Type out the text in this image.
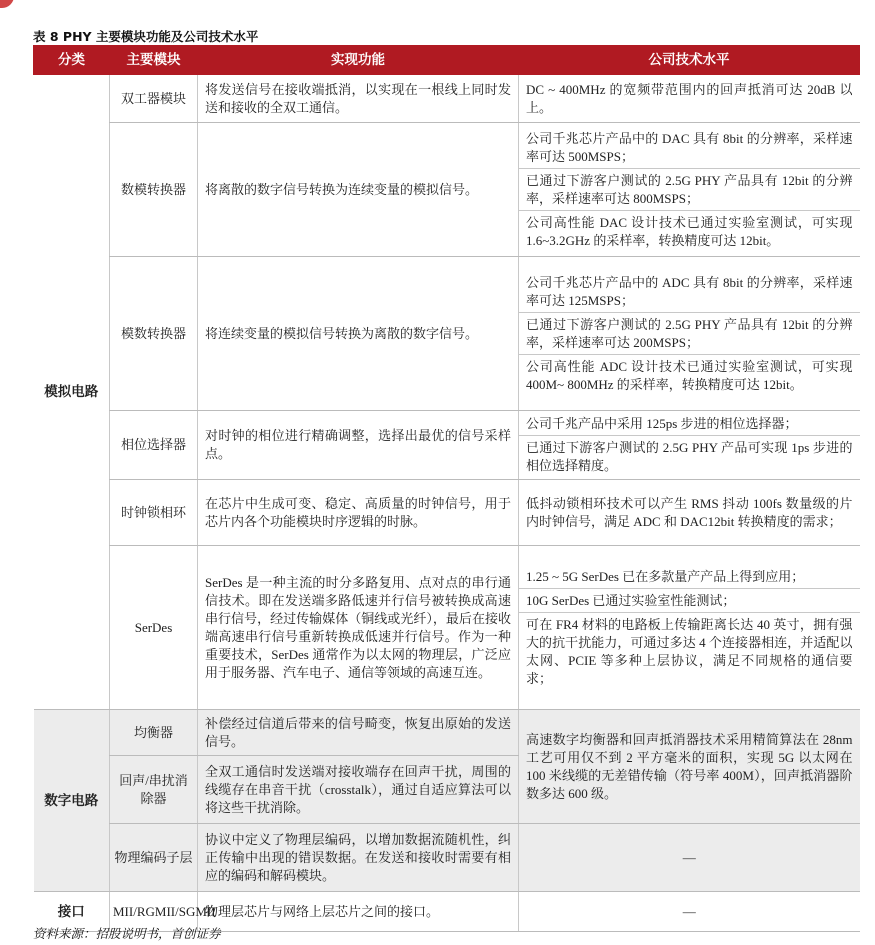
表 8 PHY 主要模块功能及公司技术水平
分类	主要模块	实现功能	公司技术水平
模拟电路	双工器模块	将发送信号在接收端抵消，以实现在一根线上同时发送和接收的全双工通信。	DC ~ 400MHz 的宽频带范围内的回声抵消可达 20dB 以上。

	数模转换器	将离散的数字信号转换为连续变量的模拟信号。	公司千兆芯片产品中的 DAC 具有 8bit 的分辨率，采样速率可达 500MSPS；
已通过下游客户测试的 2.5G PHY 产品具有 12bit 的分辨率，采样速率可达 800MSPS；
公司高性能 DAC 设计技术已通过实验室测试，可实现 1.6~3.2GHz 的采样率，转换精度可达 12bit。

	模数转换器	将连续变量的模拟信号转换为离散的数字信号。	公司千兆芯片产品中的 ADC 具有 8bit 的分辨率，采样速率可达 125MSPS；
已通过下游客户测试的 2.5G PHY 产品具有 12bit 的分辨率，采样速率可达 200MSPS；
公司高性能 ADC 设计技术已通过实验室测试，可实现 400M~ 800MHz 的采样率，转换精度可达 12bit。

	相位选择器	对时钟的相位进行精确调整，选择出最优的信号采样点。	公司千兆产品中采用 125ps 步进的相位选择器；
已通过下游客户测试的 2.5G PHY 产品可实现 1ps 步进的相位选择精度。

	时钟锁相环	在芯片中生成可变、稳定、高质量的时钟信号，用于芯片内各个功能模块时序逻辑的时脉。	低抖动锁相环技术可以产生 RMS 抖动 100fs 数量级的片内时钟信号，满足 ADC 和 DAC12bit 转换精度的需求；

	SerDes	SerDes 是一种主流的时分多路复用、点对点的串行通信技术。即在发送端多路低速并行信号被转换成高速串行信号，经过传输媒体（铜线或光纤），最后在接收端高速串行信号重新转换成低速并行信号。作为一种重要技术，SerDes 通常作为以太网的物理层，广泛应用于服务器、汽车电子、通信等领域的高速互连。	1.25 ~ 5G SerDes 已在多款量产产品上得到应用；
10G SerDes 已通过实验室性能测试；
可在 FR4 材料的电路板上传输距离长达 40 英寸，拥有强大的抗干扰能力，可通过多达 4 个连接器相连，并适配以太网、PCIE 等多种上层协议，满足不同规格的通信要求；

数字电路	均衡器	补偿经过信道后带来的信号畸变，恢复出原始的发送信号。	高速数字均衡器和回声抵消器技术采用精简算法在 28nm 工艺可用仅不到 2 平方毫米的面积，实现 5G 以太网在 100 米线缆的无差错传输（符号率 400M），回声抵消器阶数多达 600 级。
	回声/串扰消除器	全双工通信时发送端对接收端存在回声干扰，周围的线缆存在串音干扰（crosstalk），通过自适应算法可以将这些干扰消除。	
	物理编码子层	协议中定义了物理层编码，以增加数据流随机性，纠正传输中出现的错误数据。在发送和接收时需要有相应的编码和解码模块。	—
接口	MII/RGMII/SGMII	物理层芯片与网络上层芯片之间的接口。	—
资料来源：招股说明书，首创证券
